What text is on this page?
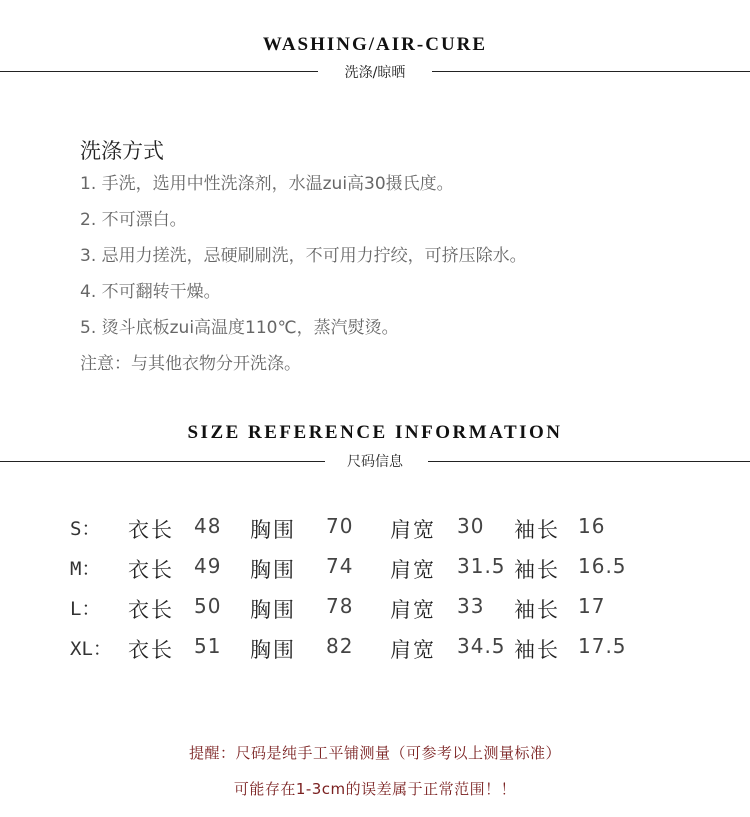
WASHING/AIR-CURE
洗涤/晾晒
洗涤方式
1. 手洗，选用中性洗涤剂，水温zui高30摄氏度。
2. 不可漂白。
3. 忌用力搓洗，忌硬刷刷洗，不可用力拧绞，可挤压除水。
4. 不可翻转干燥。
5. 烫斗底板zui高温度110℃，蒸汽熨烫。
注意：与其他衣物分开洗涤。
SIZE REFERENCE INFORMATION
尺码信息
S：	衣长 48 胸围 70 肩宽 30 袖长 16
M：	衣长 49 胸围 74 肩宽 31.5 袖长 16.5
L：	衣长 50 胸围 78 肩宽 33 袖长 17
XL： 衣长 51 胸围 82 肩宽 34.5 袖长 17.5
提醒：尺码是纯手工平铺测量（可参考以上测量标准）
可能存在1-3cm的误差属于正常范围！！
